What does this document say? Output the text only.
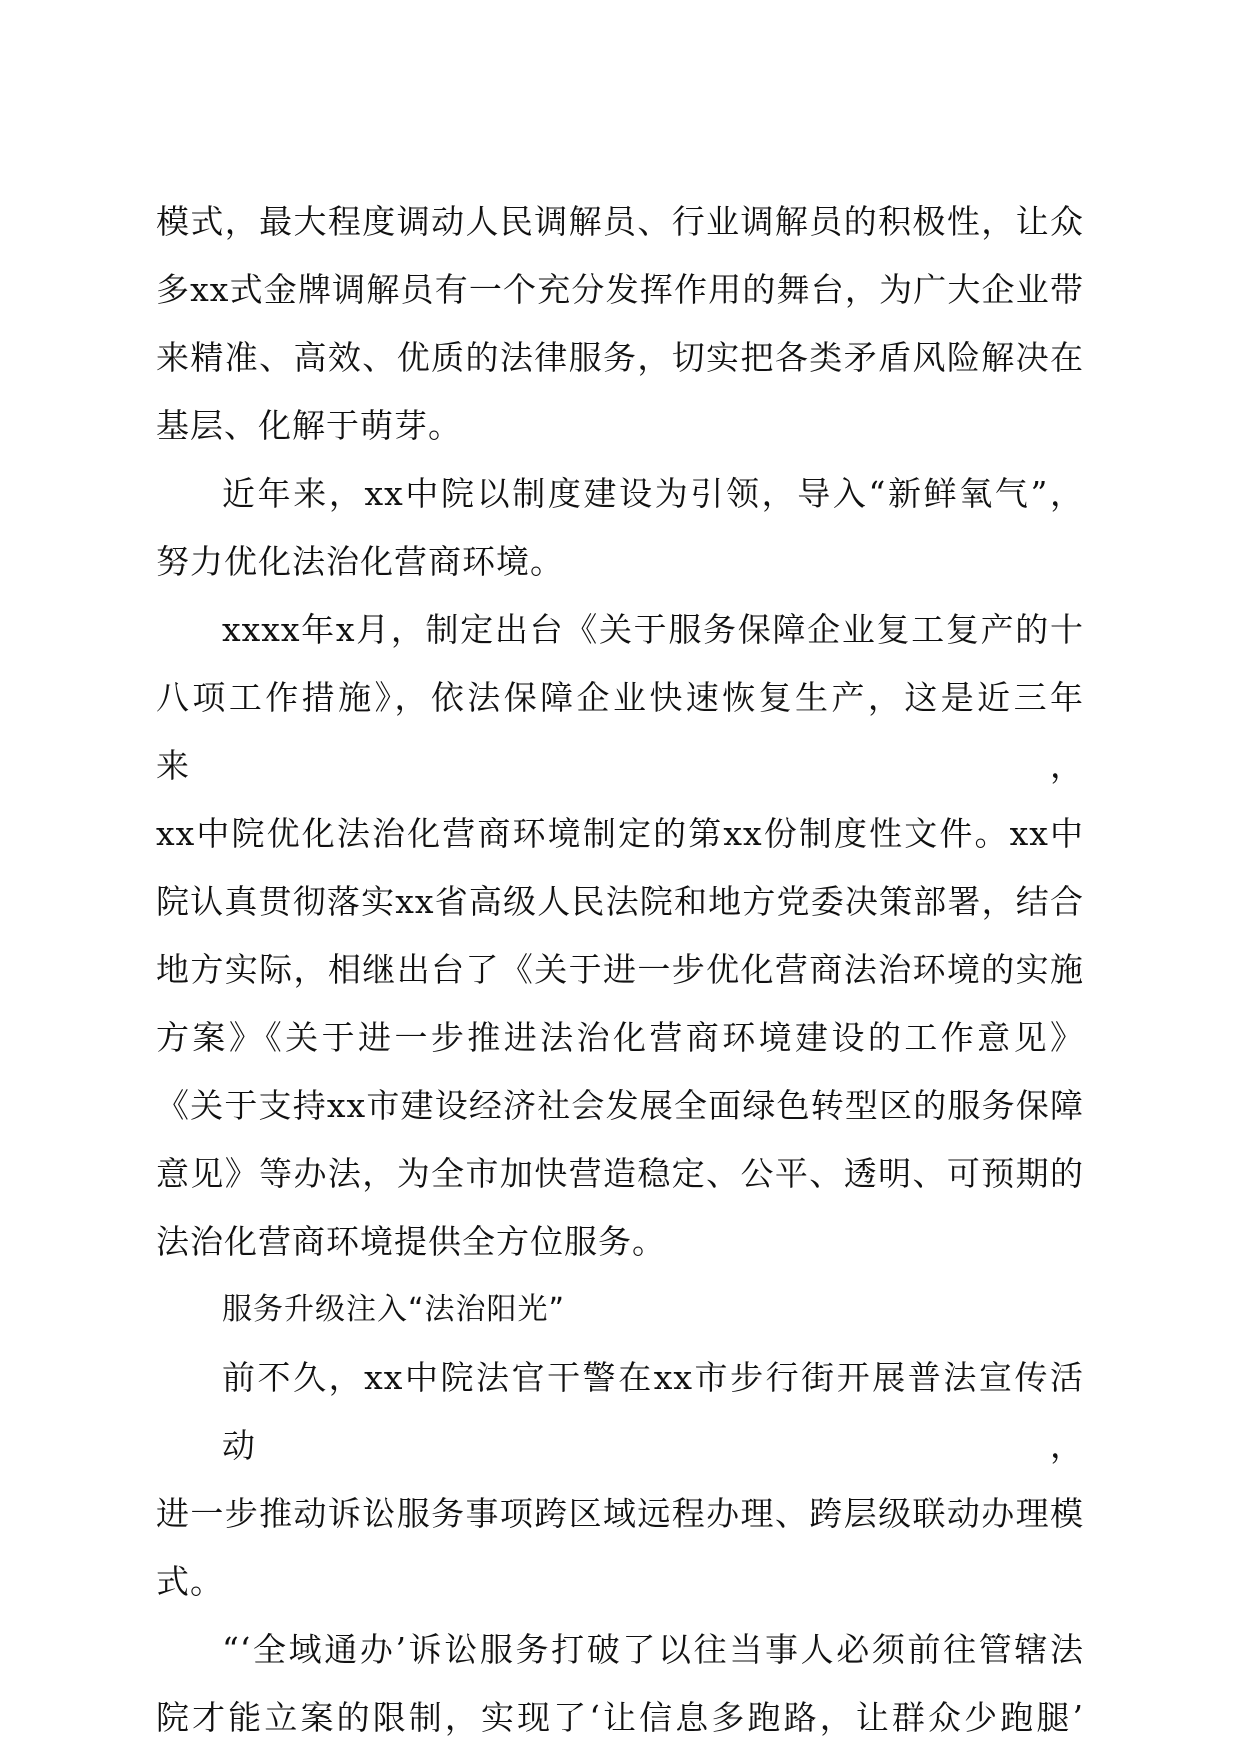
模式，最大程度调动人民调解员、行业调解员的积极性，让众
多xx式金牌调解员有一个充分发挥作用的舞台，为广大企业带
来精准、高效、优质的法律服务，切实把各类矛盾风险解决在
基层、化解于萌芽。

近年来，xx中院以制度建设为引领，导入“新鲜氧气”，
努力优化法治化营商环境。

xxxx年x月，制定出台《关于服务保障企业复工复产的十
八项工作措施》，依法保障企业快速恢复生产，这是近三年来，
xx中院优化法治化营商环境制定的第xx份制度性文件。xx中
院认真贯彻落实xx省高级人民法院和地方党委决策部署，结合
地方实际，相继出台了《关于进一步优化营商法治环境的实施
方案》《关于进一步推进法治化营商环境建设的工作意见》
《关于支持xx市建设经济社会发展全面绿色转型区的服务保障
意见》等办法，为全市加快营造稳定、公平、透明、可预期的
法治化营商环境提供全方位服务。

服务升级注入“法治阳光”

前不久，xx中院法官干警在xx市步行街开展普法宣传活动，
进一步推动诉讼服务事项跨区域远程办理、跨层级联动办理模
式。

“‘全域通办’诉讼服务打破了以往当事人必须前往管辖法
院才能立案的限制，实现了‘让信息多跑路，让群众少跑腿’
